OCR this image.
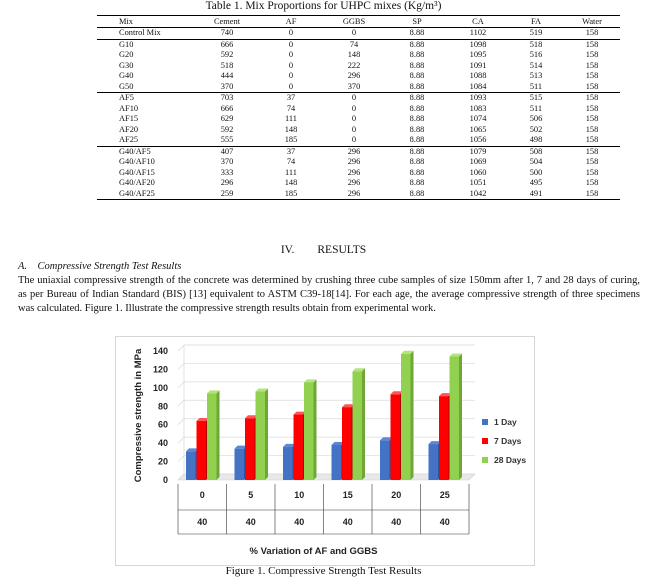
Table 1. Mix Proportions for UHPC mixes (Kg/m³)
Mix	Cement	AF	GGBS	SP	CA	FA	Water
Control Mix	740	0	0	8.88	1102	519	158
G10	666	0	74	8.88	1098	518	158
G20	592	0	148	8.88	1095	516	158
G30	518	0	222	8.88	1091	514	158
G40	444	0	296	8.88	1088	513	158
G50	370	0	370	8.88	1084	511	158
AF5	703	37	0	8.88	1093	515	158
AF10	666	74	0	8.88	1083	511	158
AF15	629	111	0	8.88	1074	506	158
AF20	592	148	0	8.88	1065	502	158
AF25	555	185	0	8.88	1056	498	158
G40/AF5	407	37	296	8.88	1079	508	158
G40/AF10	370	74	296	8.88	1069	504	158
G40/AF15	333	111	296	8.88	1060	500	158
G40/AF20	296	148	296	8.88	1051	495	158
G40/AF25	259	185	296	8.88	1042	491	158
IV.        RESULTS
A.    Compressive Strength Test Results
The uniaxial compressive strength of the concrete was determined by crushing three cube samples of size 150mm after 1, 7 and 28 days of curing, as per Bureau of Indian Standard (BIS) [13] equivalent to ASTM C39-18[14]. For each age, the average compressive strength of three specimens was calculated. Figure 1. Illustrate the compressive strength results obtain from experimental work.
0
20
40
60
80
100
120
140
Compressive strength in MPa
0
40
5
40
10
40
15
40
20
40
25
40
% Variation of AF and GGBS
1 Day
7 Days
28 Days
Figure 1. Compressive Strength Test Results
